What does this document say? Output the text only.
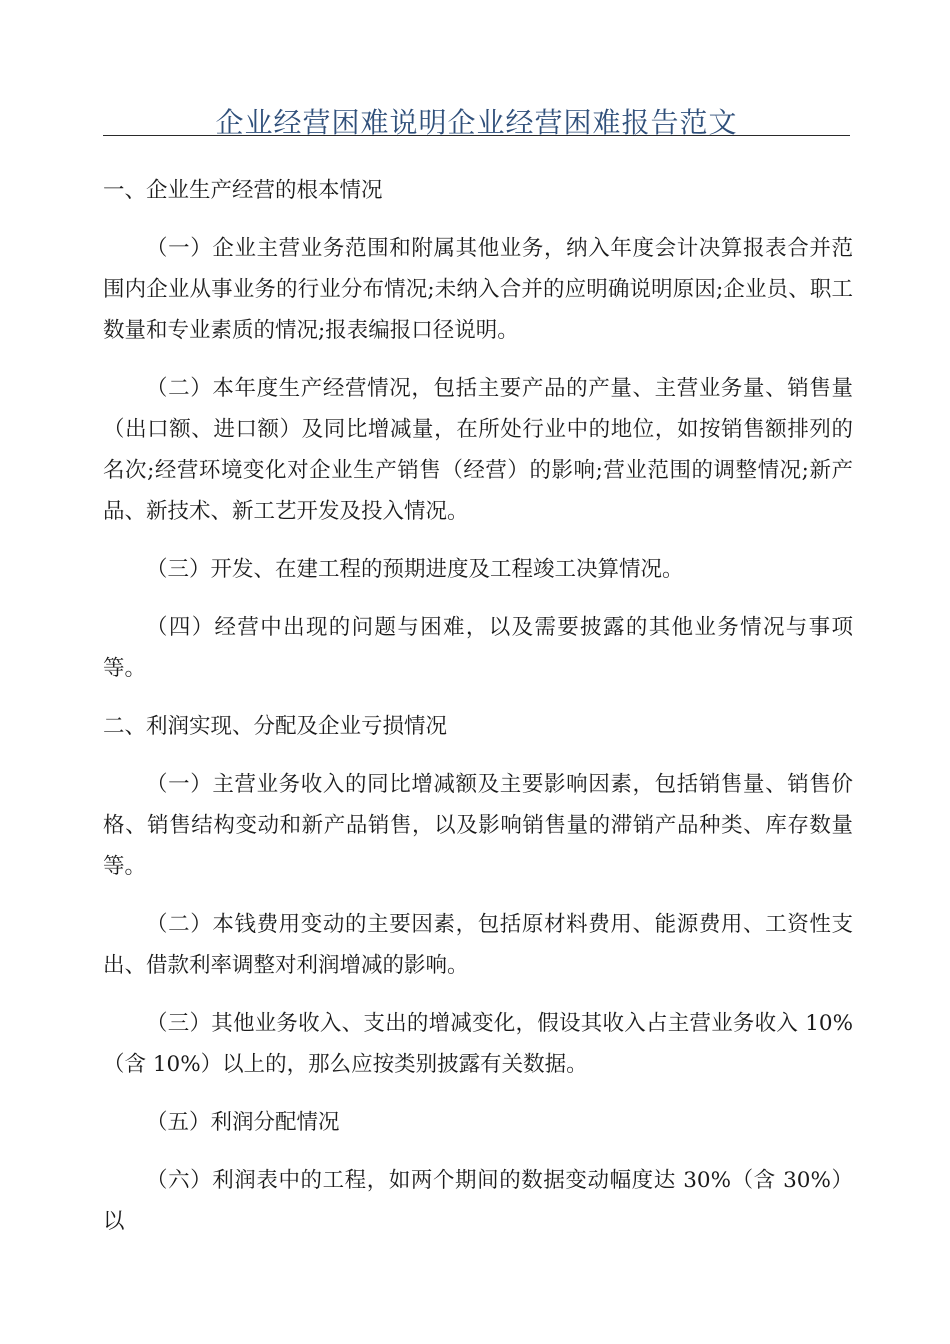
企业经营困难说明企业经营困难报告范文

一、企业生产经营的根本情况

（一）企业主营业务范围和附属其他业务，纳入年度会计决算报表合并范围内企业从事业务的行业分布情况;未纳入合并的应明确说明原因;企业员、职工数量和专业素质的情况;报表编报口径说明。

（二）本年度生产经营情况，包括主要产品的产量、主营业务量、销售量（出口额、进口额）及同比增减量，在所处行业中的地位，如按销售额排列的名次;经营环境变化对企业生产销售（经营）的影响;营业范围的调整情况;新产品、新技术、新工艺开发及投入情况。

（三）开发、在建工程的预期进度及工程竣工决算情况。

（四）经营中出现的问题与困难，以及需要披露的其他业务情况与事项等。

二、利润实现、分配及企业亏损情况

（一）主营业务收入的同比增减额及主要影响因素，包括销售量、销售价格、销售结构变动和新产品销售，以及影响销售量的滞销产品种类、库存数量等。

（二）本钱费用变动的主要因素，包括原材料费用、能源费用、工资性支出、借款利率调整对利润增减的影响。

（三）其他业务收入、支出的增减变化，假设其收入占主营业务收入 10%（含 10%）以上的，那么应按类别披露有关数据。

（五）利润分配情况

（六）利润表中的工程，如两个期间的数据变动幅度达 30%（含 30%）以
